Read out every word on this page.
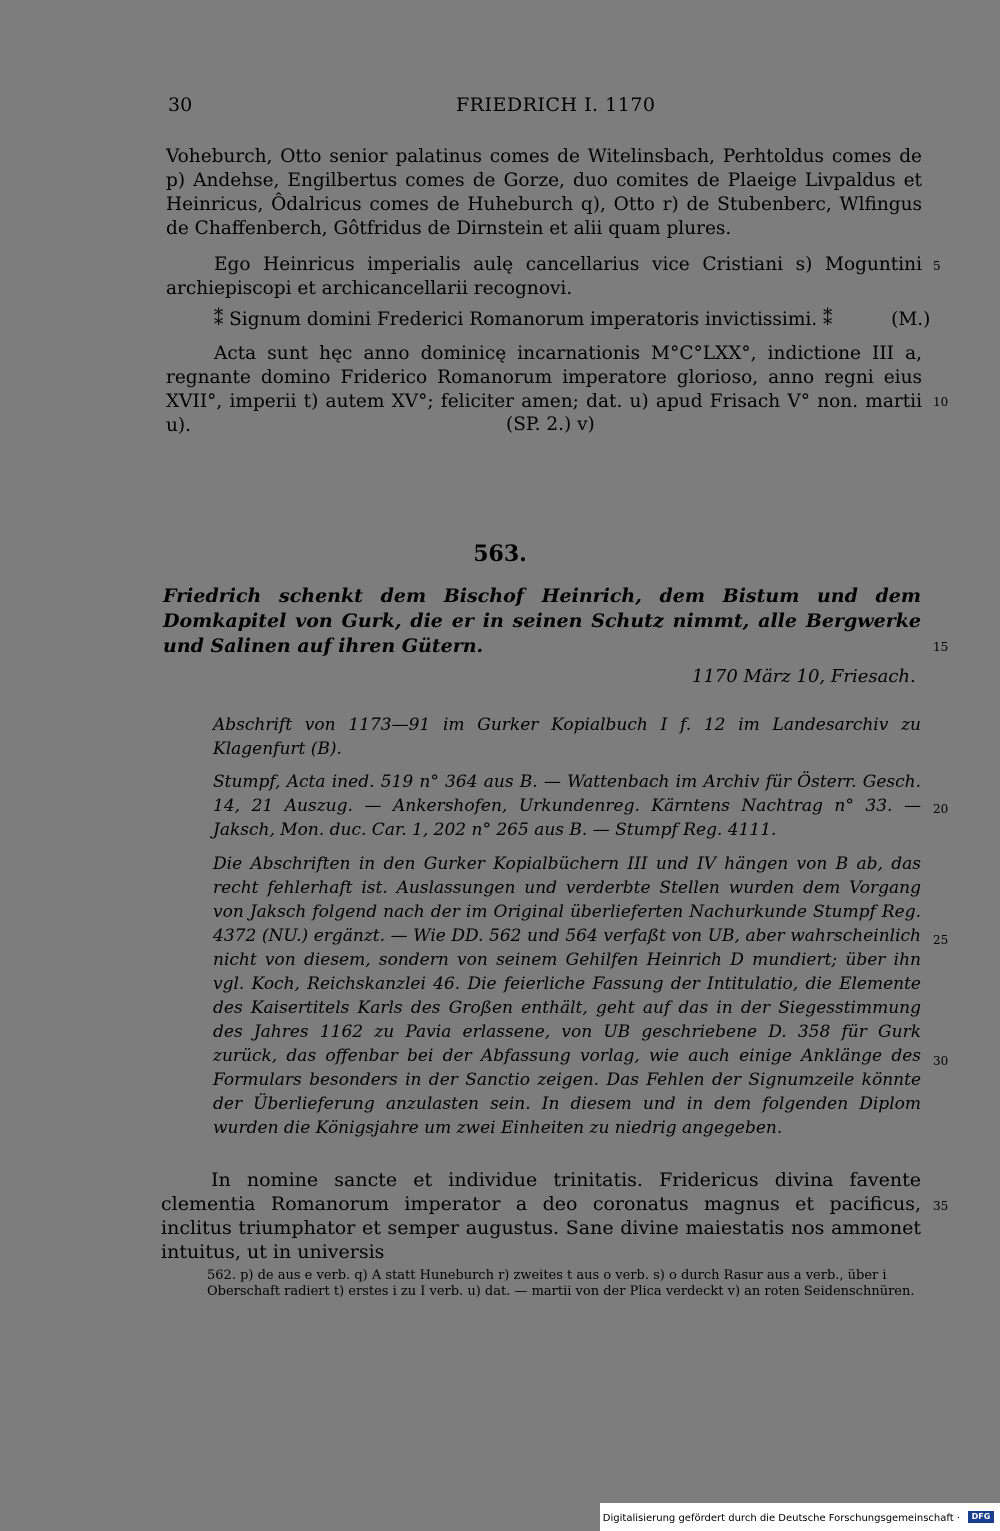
30	FRIEDRICH I. 1170
Voheburch, Otto senior palatinus comes de Witelinsbach, Perhtoldus comes de p) Andehse, Engilbertus comes de Gorze, duo comites de Plaeige Livpaldus et Heinricus, Ôdalricus comes de Huheburch q), Otto r) de Stubenberc, Wlfingus de Chaffenberch, Gôtfridus de Dirnstein et alii quam plures.
Ego Heinricus imperialis aulę cancellarius vice Cristiani s) Moguntini archiepiscopi et archicancellarii recognovi.
5
⁑ Signum domini Frederici Romanorum imperatoris invictissimi. ⁑          (M.)
Acta sunt hęc anno dominicę incarnationis M°C°LXX°, indictione III a, regnante domino Friderico Romanorum imperatore glorioso, anno regni eius XVII°, imperii t) autem XV°; feliciter amen; dat. u) apud Frisach V° non. martii u).
10
(SP. 2.) v)
563.
Friedrich schenkt dem Bischof Heinrich, dem Bistum und dem Domkapitel von Gurk, die er in seinen Schutz nimmt, alle Bergwerke und Salinen auf ihren Gütern.	15
1170 März 10, Friesach.
Abschrift von 1173—91 im Gurker Kopialbuch I f. 12 im Landesarchiv zu Klagenfurt (B).
Stumpf, Acta ined. 519 n° 364 aus B. — Wattenbach im Archiv für Österr. Gesch. 14, 21 Auszug. — Ankershofen, Urkundenreg. Kärntens Nachtrag n° 33. — Jaksch, Mon. duc. Car. 1, 202 n° 265 aus B. — Stumpf Reg. 4111.
20
Die Abschriften in den Gurker Kopialbüchern III und IV hängen von B ab, das recht fehlerhaft ist. Auslassungen und verderbte Stellen wurden dem Vorgang von Jaksch folgend nach der im Original überlieferten Nachurkunde Stumpf Reg. 4372 (NU.) ergänzt. — Wie DD. 562 und 564 verfaßt von UB, aber wahrscheinlich nicht von diesem, sondern von seinem Gehilfen Heinrich D mundiert; über ihn vgl. Koch, Reichskanzlei 46. Die feierliche Fassung der Intitulatio, die Elemente des Kaisertitels Karls des Großen enthält, geht auf das in der Siegesstimmung des Jahres 1162 zu Pavia erlassene, von UB geschriebene D. 358 für Gurk zurück, das offenbar bei der Abfassung vorlag, wie auch einige Anklänge des Formulars besonders in der Sanctio zeigen. Das Fehlen der Signumzeile könnte der Überlieferung anzulasten sein. In diesem und in dem folgenden Diplom wurden die Königsjahre um zwei Einheiten zu niedrig angegeben.
25
30
In nomine sancte et individue trinitatis. Fridericus divina favente clementia Romanorum imperator a deo coronatus magnus et pacificus, inclitus triumphator et semper augustus. Sane divine maiestatis nos ammonet intuitus, ut in universis
35
562. p) de aus e verb. q) A statt Huneburch r) zweites t aus o verb. s) o durch Rasur aus a verb., über i Oberschaft radiert t) erstes i zu I verb. u) dat. — martii von der Plica verdeckt v) an roten Seidenschnüren.
Digitalisierung gefördert durch die Deutsche Forschungsgemeinschaft ·	DFG
